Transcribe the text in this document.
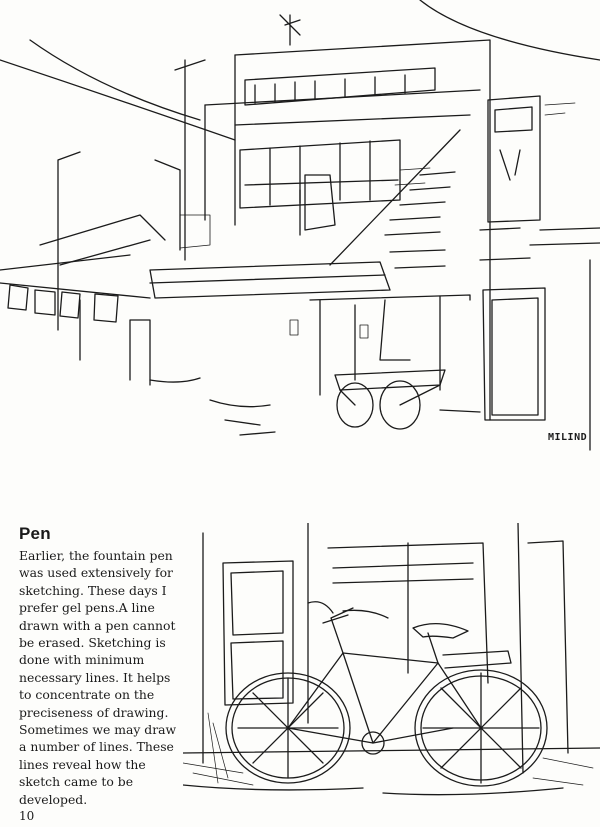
MILIND
Pen

Earlier, the fountain pen was used extensively for sketching. These days I prefer gel pens.A line drawn with a pen cannot be erased. Sketching is done with minimum necessary lines. It helps to concentrate on the preciseness of drawing. Sometimes we may draw a number of lines. These lines reveal how the sketch came to be developed.

10
